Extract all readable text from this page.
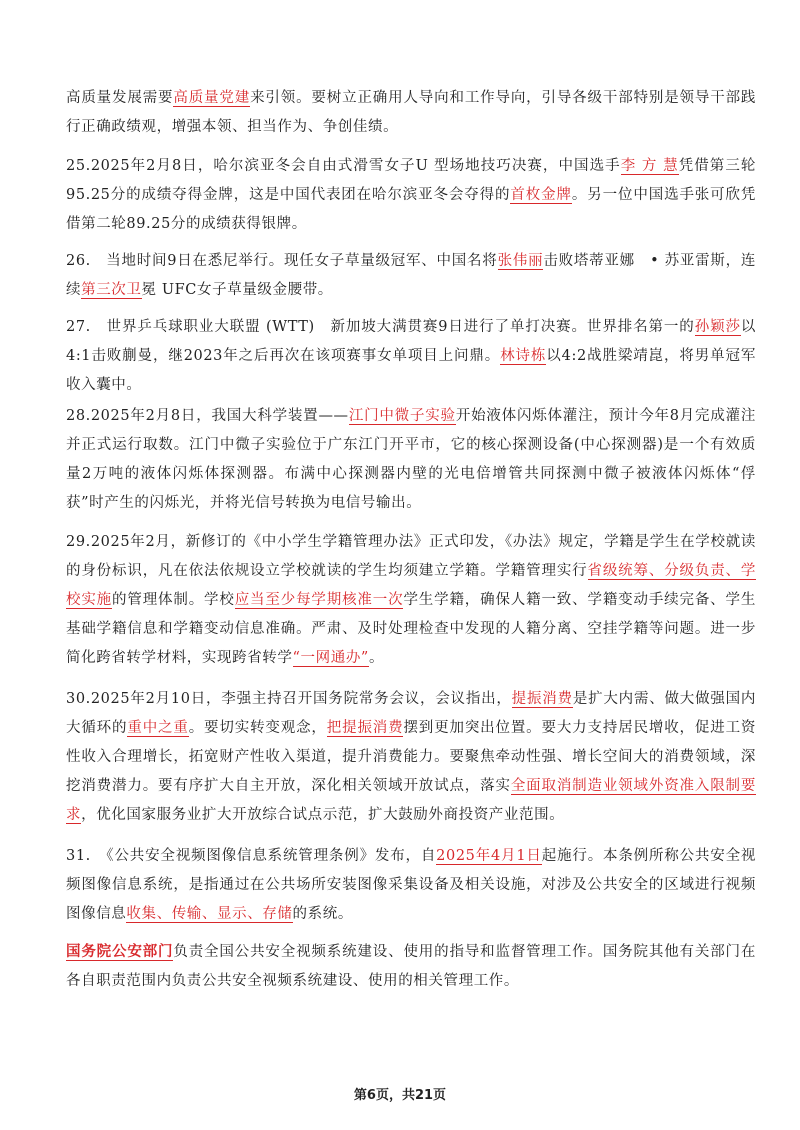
高质量发展需要高质量党建来引领。要树立正确用人导向和工作导向，引导各级干部特别是领导干部践行正确政绩观，增强本领、担当作为、争创佳绩。

25.2025年2月8日，哈尔滨亚冬会自由式滑雪女子U 型场地技巧决赛，中国选手李 方 慧凭借第三轮95.25分的成绩夺得金牌，这是中国代表团在哈尔滨亚冬会夺得的首枚金牌。另一位中国选手张可欣凭借第二轮89.25分的成绩获得银牌。

26.　当地时间9日在悉尼举行。现任女子草量级冠军、中国名将张伟丽击败塔蒂亚娜　• 苏亚雷斯，连续第三次卫冕 UFC女子草量级金腰带。

27.　世界乒乓球职业大联盟 (WTT)　新加坡大满贯赛9日进行了单打决赛。世界排名第一的孙颖莎以4:1击败蒯曼，继2023年之后再次在该项赛事女单项目上问鼎。林诗栋以4:2战胜梁靖崑，将男单冠军收入囊中。

28.2025年2月8日，我国大科学装置——江门中微子实验开始液体闪烁体灌注，预计今年8月完成灌注并正式运行取数。江门中微子实验位于广东江门开平市，它的核心探测设备(中心探测器)是一个有效质量2万吨的液体闪烁体探测器。布满中心探测器内壁的光电倍增管共同探测中微子被液体闪烁体“俘获”时产生的闪烁光，并将光信号转换为电信号输出。

29.2025年2月，新修订的《中小学生学籍管理办法》正式印发，《办法》规定，学籍是学生在学校就读的身份标识，凡在依法依规设立学校就读的学生均须建立学籍。学籍管理实行省级统筹、分级负责、学校实施的管理体制。学校应当至少每学期核准一次学生学籍，确保人籍一致、学籍变动手续完备、学生基础学籍信息和学籍变动信息准确。严肃、及时处理检查中发现的人籍分离、空挂学籍等问题。进一步简化跨省转学材料，实现跨省转学“一网通办”。

30.2025年2月10日，李强主持召开国务院常务会议，会议指出，提振消费是扩大内需、做大做强国内大循环的重中之重。要切实转变观念，把提振消费摆到更加突出位置。要大力支持居民增收，促进工资性收入合理增长，拓宽财产性收入渠道，提升消费能力。要聚焦牵动性强、增长空间大的消费领域，深挖消费潜力。要有序扩大自主开放，深化相关领域开放试点，落实全面取消制造业领域外资准入限制要求，优化国家服务业扩大开放综合试点示范，扩大鼓励外商投资产业范围。

31.　《公共安全视频图像信息系统管理条例》发布，自2025年4月1日起施行。本条例所称公共安全视频图像信息系统，是指通过在公共场所安装图像采集设备及相关设施，对涉及公共安全的区域进行视频图像信息收集、传输、显示、存储的系统。

国务院公安部门负责全国公共安全视频系统建设、使用的指导和监督管理工作。国务院其他有关部门在各自职责范围内负责公共安全视频系统建设、使用的相关管理工作。

第6页，共21页
